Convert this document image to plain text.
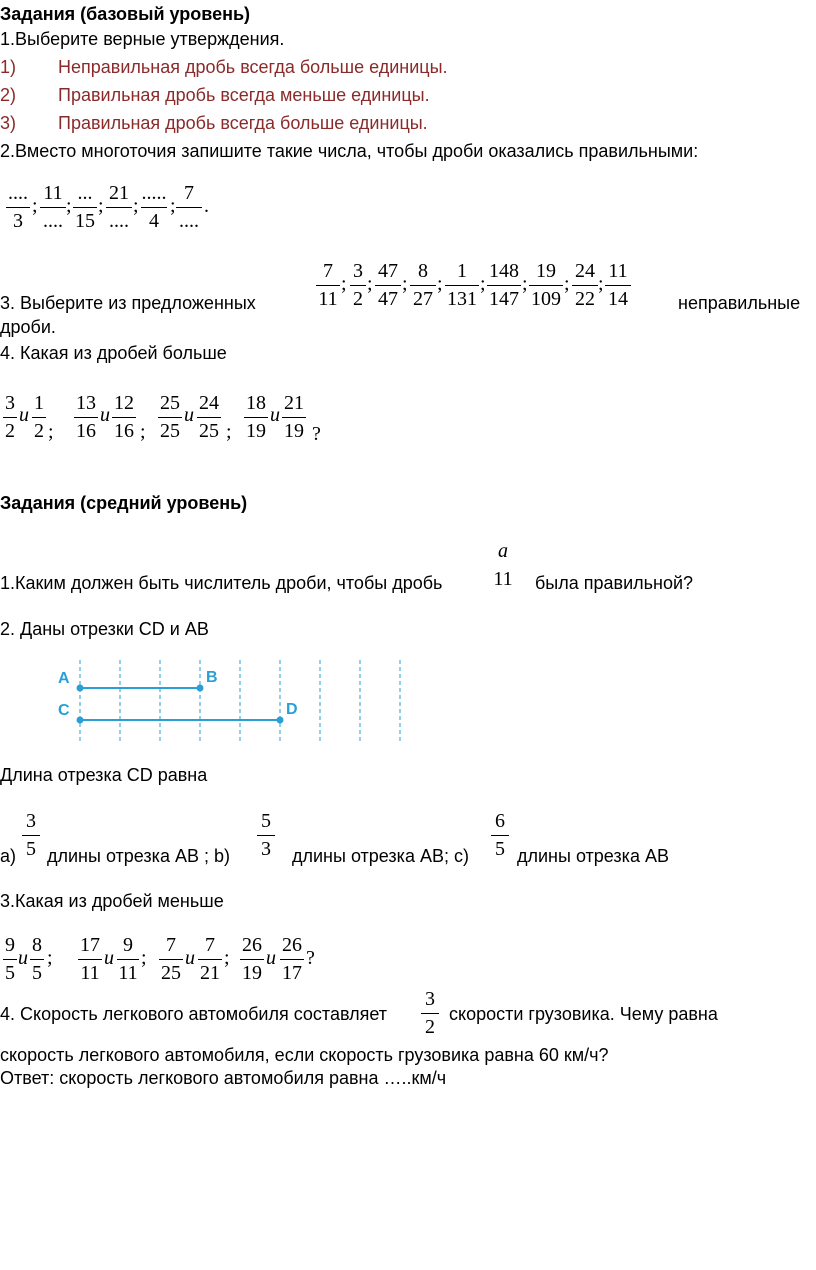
Задания (базовый уровень)
1.Выберите верные утверждения.
1) Неправильная дробь всегда больше единицы.
2) Правильная дробь всегда меньше единицы.
3) Правильная дробь всегда больше единицы.
2.Вместо многоточия запишите такие числа, чтобы дроби оказались правильными:
....
3
;
11
....
;
...
15
;
21
....
;
.....
4
;
7
....
.
3. Выберите из предложенных	неправильные
дроби.
7
11
;
3
2
;
47
47
;
8
27
;
1
131
;
148
147
;
19
109
;
24
22
;
11
14
4. Какая из дробей больше
3
2
и
1
2 ;
13
16
и
12
16 ;
25
25
и
24
25 ;
18
19
и
21
19 ?
Задания (средний уровень)
1.Каким должен быть числитель дроби, чтобы дробь
a
11 была правильной?
2. Даны отрезки CD и AB
A	B
C	D
Длина отрезка CD равна
а)
3
5 длины отрезка АВ ; b)
5
3 длины отрезка АВ; с)
6
5 длины отрезка АВ
3.Какая из дробей меньше
9
5
и
8
5
;
17
11
и
9
11
;
7
25
и
7
21
;
26
19
и
26
17
?
4. Скорость легкового автомобиля составляет
3
2
скорости грузовика. Чему равна
скорость легкового автомобиля, если скорость грузовика равна 60 км/ч?
Ответ: скорость легкового автомобиля равна …..км/ч
